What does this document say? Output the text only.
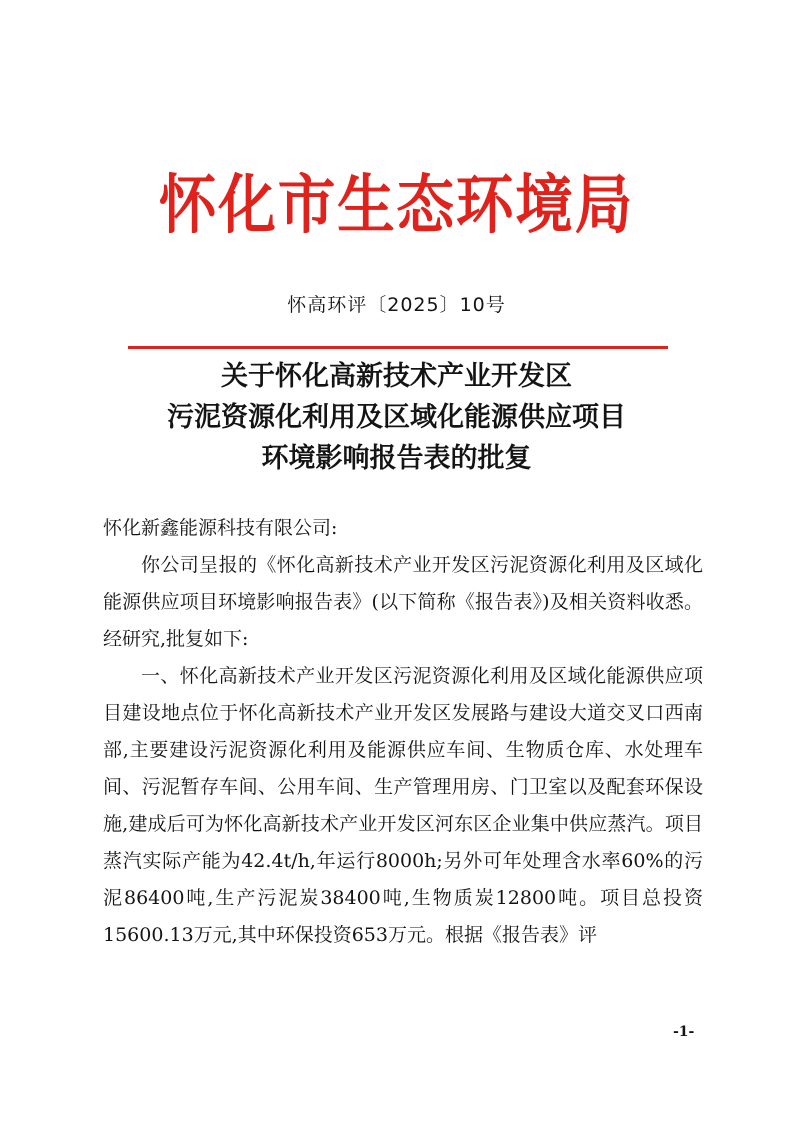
怀化市生态环境局
怀高环评〔2025〕10号
关于怀化高新技术产业开发区
污泥资源化利用及区域化能源供应项目
环境影响报告表的批复

怀化新鑫能源科技有限公司:

你公司呈报的《怀化高新技术产业开发区污泥资源化利用及区域化能源供应项目环境影响报告表》(以下简称《报告表》)及相关资料收悉。经研究,批复如下:

一、怀化高新技术产业开发区污泥资源化利用及区域化能源供应项目建设地点位于怀化高新技术产业开发区发展路与建设大道交叉口西南部,主要建设污泥资源化利用及能源供应车间、生物质仓库、水处理车间、污泥暂存车间、公用车间、生产管理用房、门卫室以及配套环保设施,建成后可为怀化高新技术产业开发区河东区企业集中供应蒸汽。项目蒸汽实际产能为42.4t/h,年运行8000h;另外可年处理含水率60%的污泥86400吨,生产污泥炭38400吨,生物质炭12800吨。项目总投资15600.13万元,其中环保投资653万元。根据《报告表》评

-1-
